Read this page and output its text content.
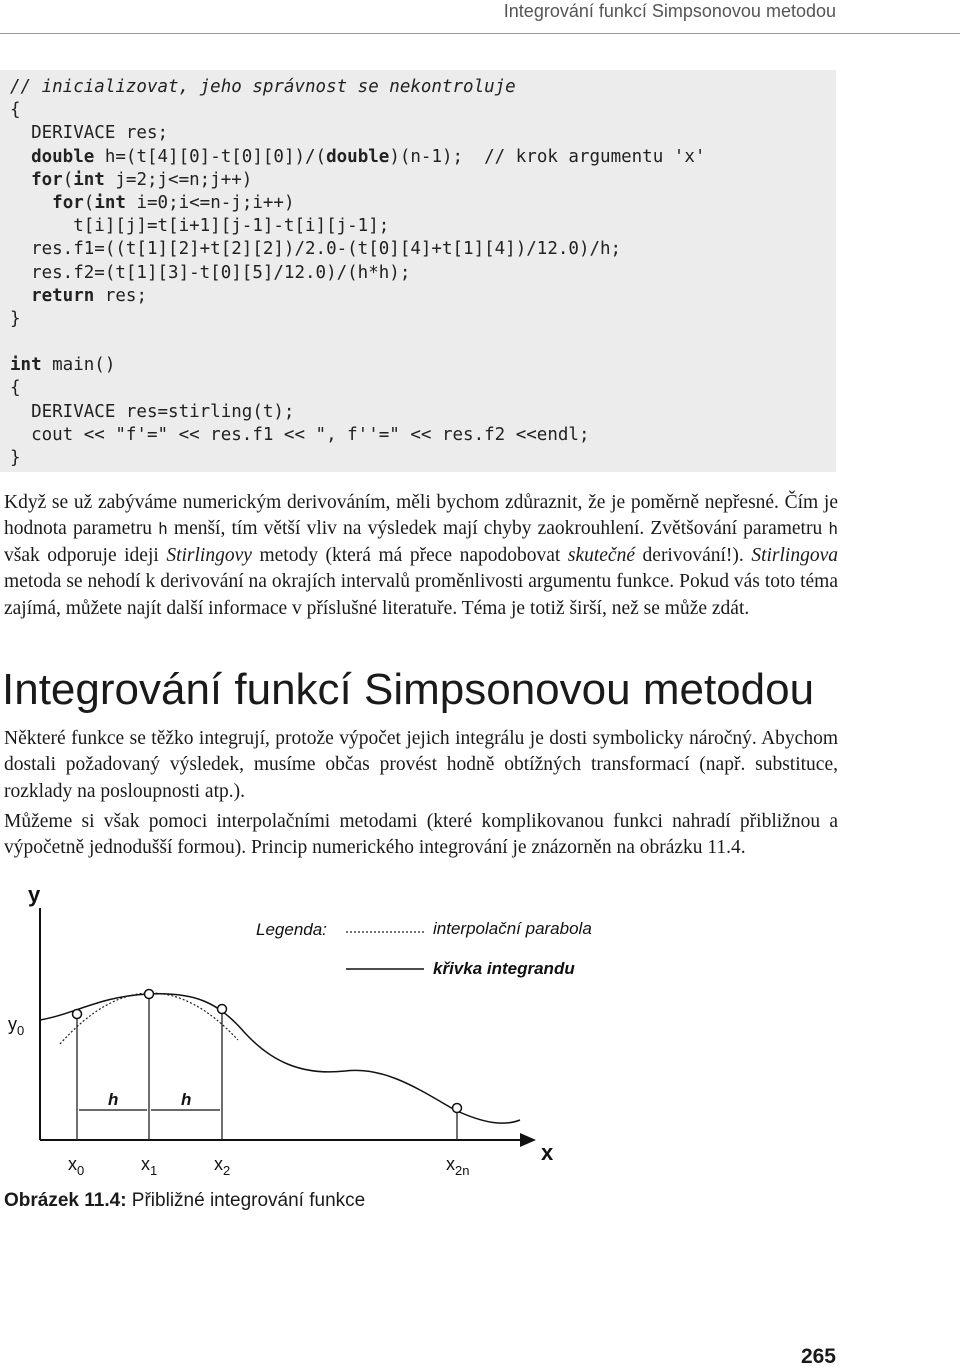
Integrování funkcí Simpsonovou metodou
// inicializovat, jeho správnost se nekontroluje
{
DERIVACE res;
double h=(t[4][0]-t[0][0])/(double)(n-1);  // krok argumentu 'x'
for(int j=2;j<=n;j++)
for(int i=0;i<=n-j;i++)
t[i][j]=t[i+1][j-1]-t[i][j-1];
res.f1=((t[1][2]+t[2][2])/2.0-(t[0][4]+t[1][4])/12.0)/h;
res.f2=(t[1][3]-t[0][5]/12.0)/(h*h);
return res;
}
int main()
{
DERIVACE res=stirling(t);
cout << "f'=" << res.f1 << ", f''=" << res.f2 <<endl;
}

Když se už zabýváme numerickým derivováním, měli bychom zdůraznit, že je poměrně nepřesné. Čím je hodnota parametru h menší, tím větší vliv na výsledek mají chyby zaokrouhlení. Zvětšování parametru h však odporuje ideji Stirlingovy metody (která má přece napodobovat skutečné derivování!). Stirlingova metoda se nehodí k derivování na okrajích intervalů proměnlivosti argumentu funkce. Pokud vás toto téma zajímá, můžete najít další informace v příslušné literatuře. Téma je totiž širší, než se může zdát.

Integrování funkcí Simpsonovou metodou

Některé funkce se těžko integrují, protože výpočet jejich integrálu je dosti symbolicky náročný. Abychom dostali požadovaný výsledek, musíme občas provést hodně obtížných transformací (např. substituce, rozklady na posloupnosti atp.).

Můžeme si však pomoci interpolačními metodami (které komplikovanou funkci nahradí přibližnou a výpočetně jednodušší formou). Princip numerického integrování je znázorněn na obrázku 11.4.

y
x
$y_0$
h	h
$x_0$	$x_1$	$x_2$	$x_{2n}$
Legenda:	interpolační parabola
křivka integrandu
Obrázek 11.4: Přibližné integrování funkce
265
